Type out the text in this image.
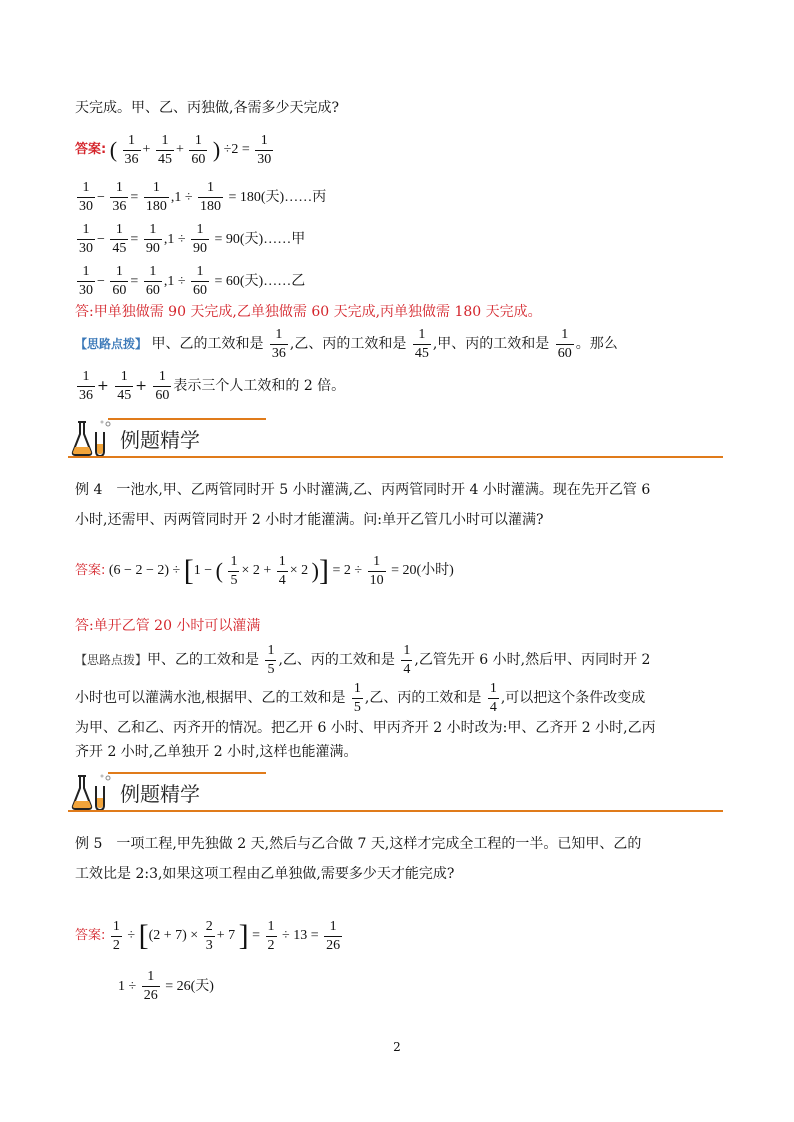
天完成。甲、乙、丙独做,各需多少天完成?
答案: ( $\frac{1}{36} + \frac{1}{45} + \frac{1}{60}$ ) $\div 2 = \frac{1}{30}$
$\frac{1}{30} - \frac{1}{36} = \frac{1}{180} ,1 \div \frac{1}{180} = 180$(天)……丙
$\frac{1}{30} - \frac{1}{45} = \frac{1}{90} ,1 \div \frac{1}{90} = 90$(天)……甲
$\frac{1}{30} - \frac{1}{60} = \frac{1}{60} ,1 \div \frac{1}{60} = 60$(天)……乙
答:甲单独做需 90 天完成,乙单独做需 60 天完成,丙单独做需 180 天完成。
【思路点拨】 甲、乙的工效和是 $\frac{1}{36}$ ,乙、丙的工效和是 $\frac{1}{45}$ ,甲、丙的工效和是 $\frac{1}{60}$ 。那么
$\frac{1}{36} + \frac{1}{45} + \frac{1}{60}$ 表示三个人工效和的 2 倍。
例题精学
例 4　一池水,甲、乙两管同时开 5 小时灌满,乙、丙两管同时开 4 小时灌满。现在先开乙管 6
小时,还需甲、丙两管同时开 2 小时才能灌满。问:单开乙管几小时可以灌满?
答案: (6 − 2 − 2) ÷ [1 − ( $\frac{1}{5} \times 2 + \frac{1}{4} \times 2$ )] = $2 \div \frac{1}{10} = 20$(小时)
答:单开乙管 20 小时可以灌满
【思路点拨】甲、乙的工效和是 $\frac{1}{5}$ ,乙、丙的工效和是 $\frac{1}{4}$ ,乙管先开 6 小时,然后甲、丙同时开 2
小时也可以灌满水池,根据甲、乙的工效和是 $\frac{1}{5}$ ,乙、丙的工效和是 $\frac{1}{4}$ ,可以把这个条件改变成
为甲、乙和乙、丙齐开的情况。把乙开 6 小时、甲丙齐开 2 小时改为:甲、乙齐开 2 小时,乙丙
齐开 2 小时,乙单独开 2 小时,这样也能灌满。
例题精学
例 5　一项工程,甲先独做 2 天,然后与乙合做 7 天,这样才完成全工程的一半。已知甲、乙的
工效比是 2:3,如果这项工程由乙单独做,需要多少天才能完成?
答案: $\frac{1}{2} \div [(2 + 7) \times \frac{2}{3} + 7$ ] = $\frac{1}{2} \div 13 = \frac{1}{26}$
$1 \div \frac{1}{26} = 26$(天)
2
